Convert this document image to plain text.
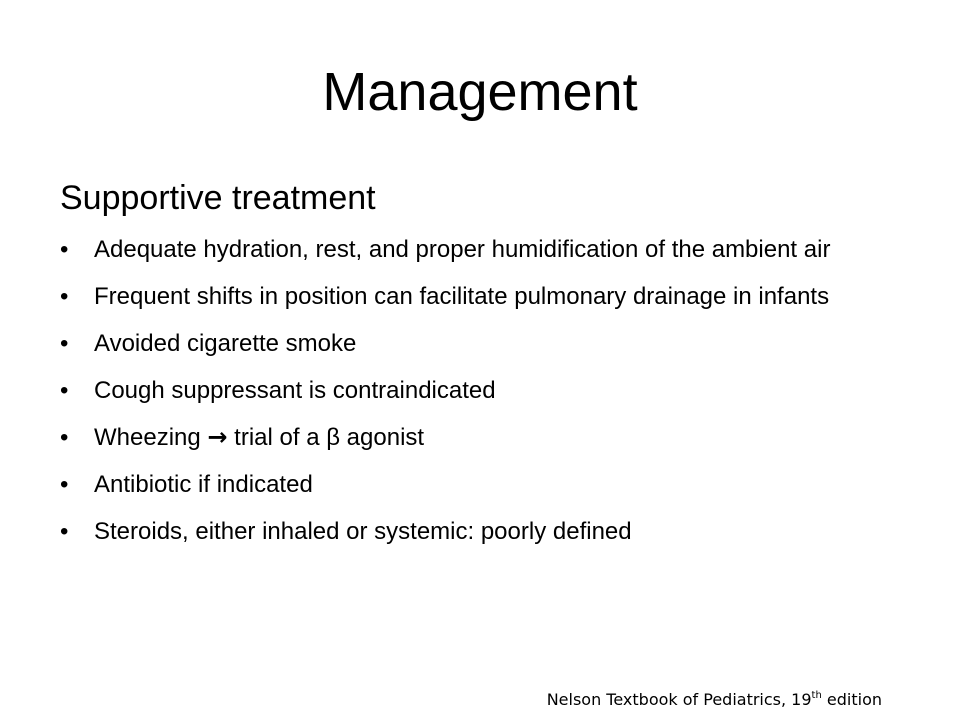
Management
Supportive treatment
•	Adequate hydration, rest, and proper humidification of the ambient air
•	Frequent shifts in position can facilitate pulmonary drainage in infants
•	Avoided cigarette smoke
•	Cough suppressant is contraindicated
•	Wheezing → trial of a β agonist
•	Antibiotic if indicated
•	Steroids, either inhaled or systemic: poorly defined
Nelson Textbook of Pediatrics, 19th edition
